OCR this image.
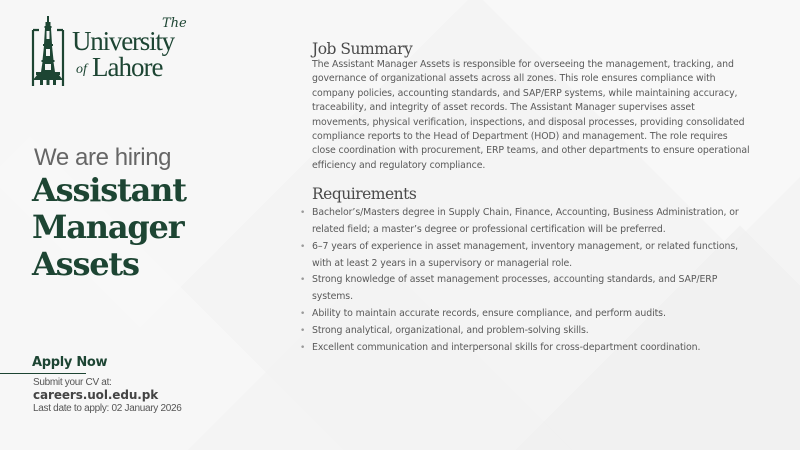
The
University
of Lahore
We are hiring
Assistant
Manager
Assets
Apply Now
Submit your CV at:
careers.uol.edu.pk
Last date to apply: 02 January 2026
Job Summary

The Assistant Manager Assets is responsible for overseeing the management, tracking, and governance of organizational assets across all zones. This role ensures compliance with company policies, accounting standards, and SAP/ERP systems, while maintaining accuracy, traceability, and integrity of asset records. The Assistant Manager supervises asset movements, physical verification, inspections, and disposal processes, providing consolidated compliance reports to the Head of Department (HOD) and management. The role requires close coordination with procurement, ERP teams, and other departments to ensure operational efficiency and regulatory compliance.

Requirements
• Bachelor’s/Masters degree in Supply Chain, Finance, Accounting, Business Administration, or related field; a master’s degree or professional certification will be preferred.
• 6–7 years of experience in asset management, inventory management, or related functions, with at least 2 years in a supervisory or managerial role.
• Strong knowledge of asset management processes, accounting standards, and SAP/ERP systems.
• Ability to maintain accurate records, ensure compliance, and perform audits.
• Strong analytical, organizational, and problem-solving skills.
• Excellent communication and interpersonal skills for cross-department coordination.
